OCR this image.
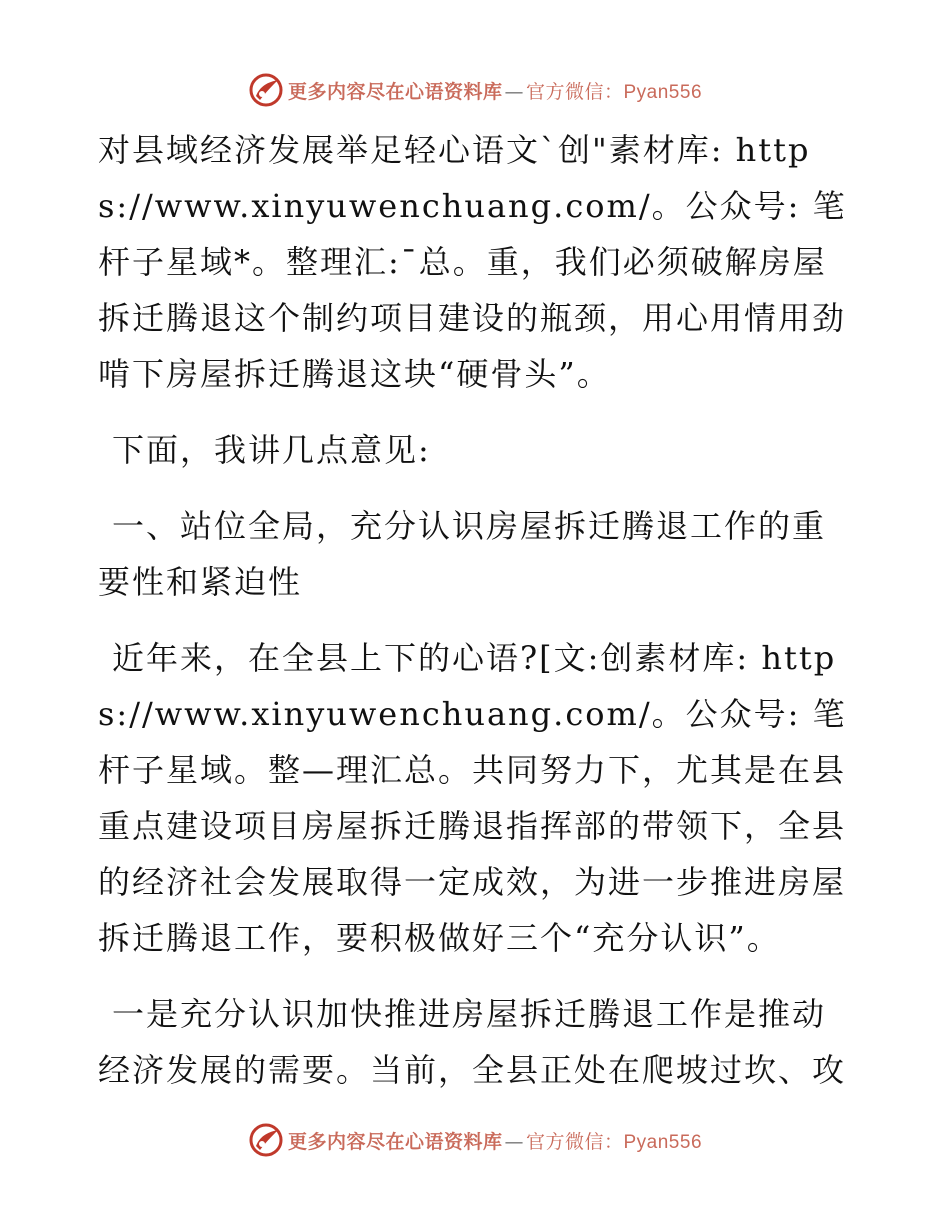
更多内容尽在心语资料库 — 官方微信：Pyan556

对县域经济发展举足轻心语文`创"素材库: https://www.xinyuwenchuang.com/。公众号: 笔杆子星域*。整理汇:¯总。重，我们必须破解房屋拆迁腾退这个制约项目建设的瓶颈，用心用情用劲啃下房屋拆迁腾退这块“硬骨头”。

下面，我讲几点意见:

一、站位全局，充分认识房屋拆迁腾退工作的重要性和紧迫性

近年来，在全县上下的心语?[文:创素材库: https://www.xinyuwenchuang.com/。公众号: 笔杆子星域。整—理汇总。共同努力下，尤其是在县重点建设项目房屋拆迁腾退指挥部的带领下，全县的经济社会发展取得一定成效，为进一步推进房屋拆迁腾退工作，要积极做好三个“充分认识”。

一是充分认识加快推进房屋拆迁腾退工作是推动经济发展的需要。当前，全县正处在爬坡过坎、攻

更多内容尽在心语资料库 — 官方微信：Pyan556
